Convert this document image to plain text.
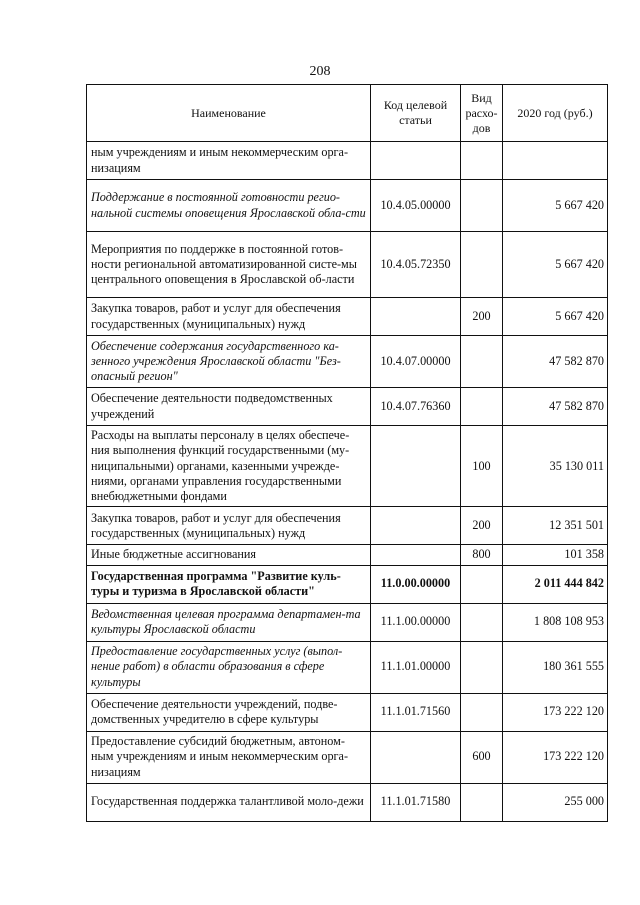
208
Наименование	Код целевой статьи	Вид расхо-дов	2020 год (руб.)
ным учреждениям и иным некоммерческим орга-низациям			
Поддержание в постоянной готовности регио-нальной системы оповещения Ярославской обла-сти	10.4.05.00000		5 667 420
Мероприятия по поддержке в постоянной готов-ности региональной автоматизированной систе-мы центрального оповещения в Ярославской об-ласти	10.4.05.72350		5 667 420
Закупка товаров, работ и услуг для обеспечения государственных (муниципальных) нужд		200	5 667 420
Обеспечение содержания государственного ка-зенного учреждения Ярославской области "Без-опасный регион"	10.4.07.00000		47 582 870
Обеспечение деятельности подведомственных учреждений	10.4.07.76360		47 582 870
Расходы на выплаты персоналу в целях обеспече-ния выполнения функций государственными (му-ниципальными) органами, казенными учрежде-ниями, органами управления государственными внебюджетными фондами		100	35 130 011
Закупка товаров, работ и услуг для обеспечения государственных (муниципальных) нужд		200	12 351 501
Иные бюджетные ассигнования		800	101 358
Государственная программа "Развитие куль-туры и туризма в Ярославской области"	11.0.00.00000		2 011 444 842
Ведомственная целевая программа департамен-та культуры Ярославской области	11.1.00.00000		1 808 108 953
Предоставление государственных услуг (выпол-нение работ) в области образования в сфере культуры	11.1.01.00000		180 361 555
Обеспечение деятельности учреждений, подве-домственных учредителю в сфере культуры	11.1.01.71560		173 222 120
Предоставление субсидий бюджетным, автоном-ным учреждениям и иным некоммерческим орга-низациям		600	173 222 120
Государственная поддержка талантливой моло-дежи	11.1.01.71580		255 000
